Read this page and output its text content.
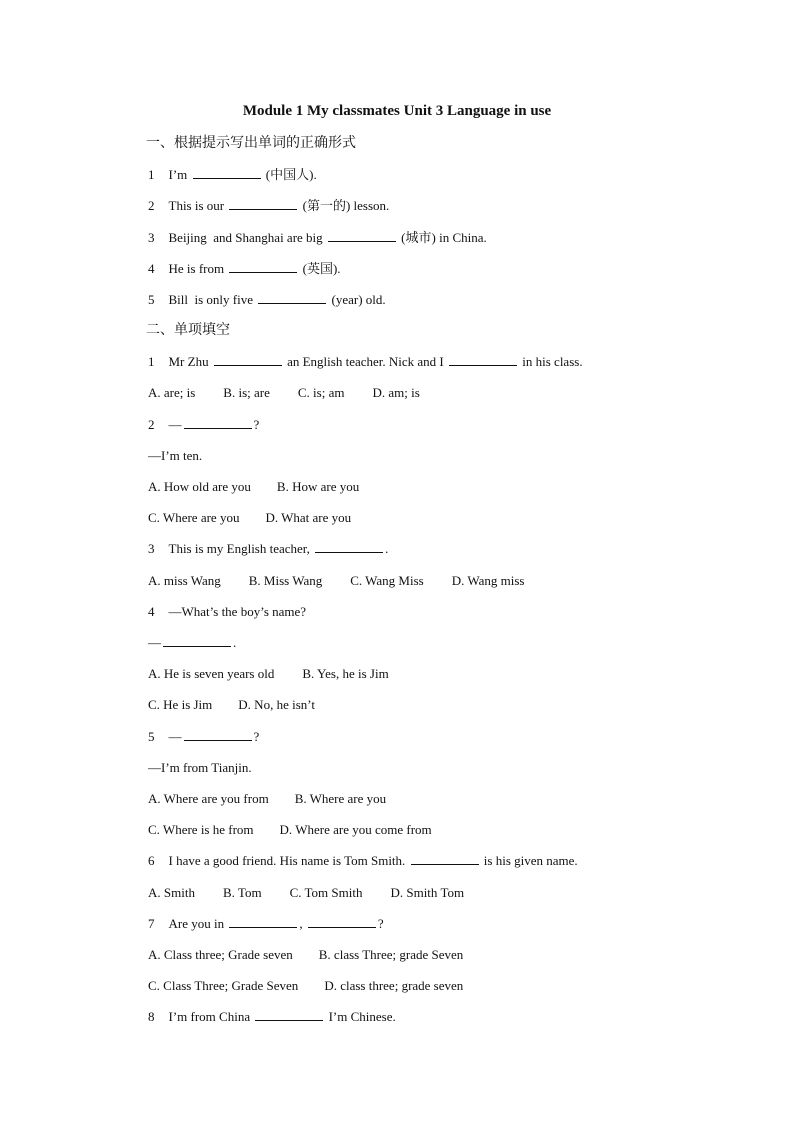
Module 1 My classmates Unit 3 Language in use
一、根据提示写出单词的正确形式
1 I’m	(中国人).
2 This is our	(第一的) lesson.
3 Beijing  and Shanghai are big	(城市) in China.
4 He is from	(英国).
5 Bill  is only five	(year) old.
二、单项填空
1 Mr Zhu	an English teacher. Nick and I	in his class.
A. are; is B. is; are C. is; am D. am; is
2 —	?
—I’m ten.
A. How old are you B. How are you
C. Where are you D. What are you
3 This is my English teacher,	.
A. miss Wang B. Miss Wang C. Wang Miss D. Wang miss
4 —What’s the boy’s name?
—	.
A. He is seven years old B. Yes, he is Jim
C. He is Jim D. No, he isn’t
5 —	?
—I’m from Tianjin.
A. Where are you from B. Where are you
C. Where is he from D. Where are you come from
6 I have a good friend. His name is Tom Smith.	is his given name.
A. Smith B. Tom C. Tom Smith D. Smith Tom
7 Are you in	,	?
A. Class three; Grade seven B. class Three; grade Seven
C. Class Three; Grade Seven D. class three; grade seven
8 I’m from China	I’m Chinese.
